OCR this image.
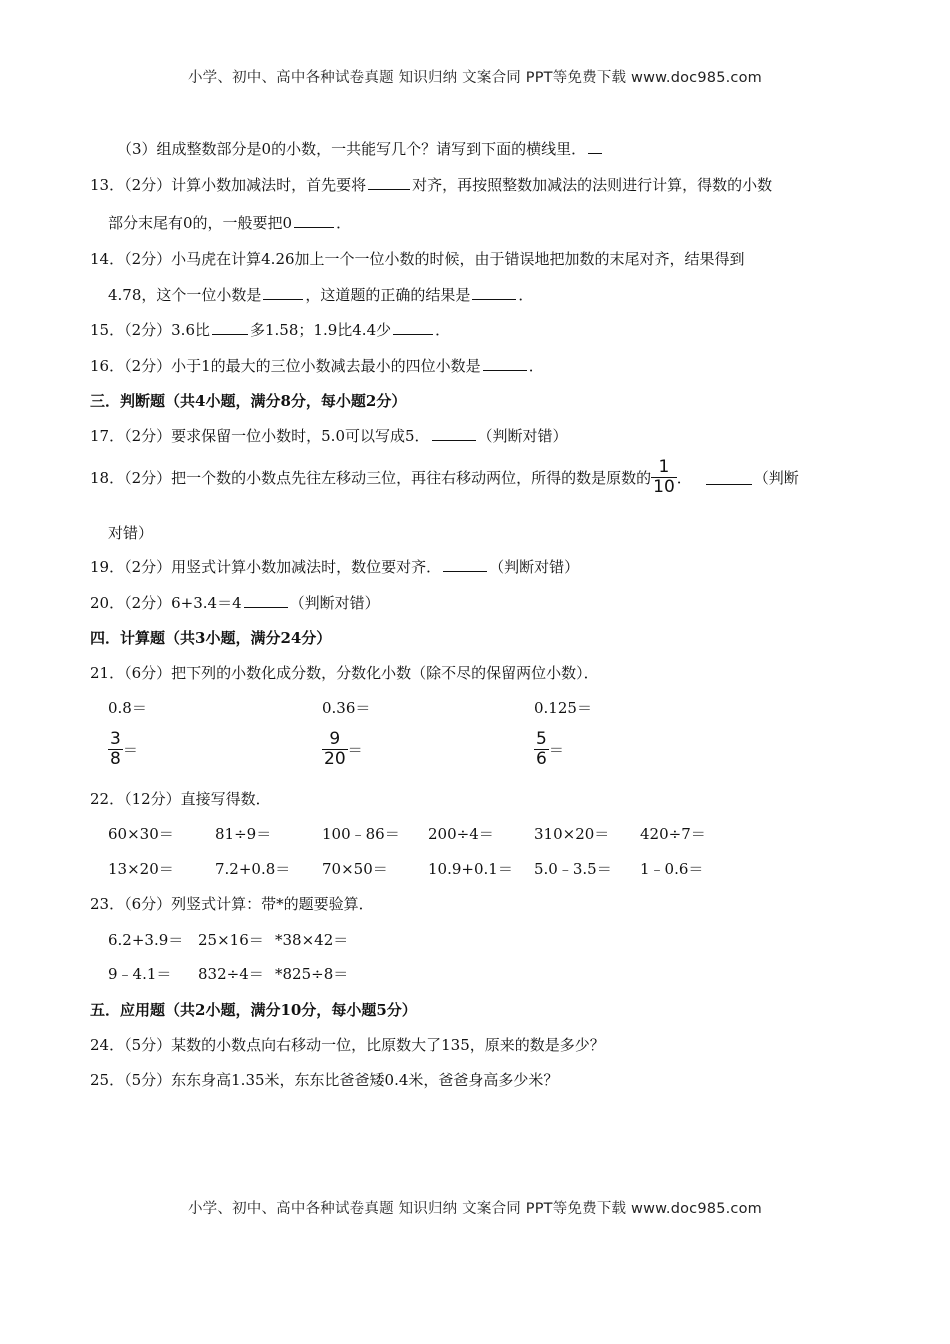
小学、初中、高中各种试卷真题 知识归纳 文案合同 PPT等免费下载 www.doc985.com
（3）组成整数部分是0的小数，一共能写几个？请写到下面的横线里．
13．（2分）计算小数加减法时，首先要将	对齐，再按照整数加减法的法则进行计算，得数的小数
部分末尾有0的，一般要把0	．
14．（2分）小马虎在计算4.26加上一个一位小数的时候，由于错误地把加数的末尾对齐，结果得到
4.78，这个一位小数是	，这道题的正确的结果是	．
15．（2分）3.6比	多1.58；1.9比4.4少	．
16．（2分）小于1的最大的三位小数减去最小的四位小数是	．
三．判断题（共4小题，满分8分，每小题2分）
17．（2分）要求保留一位小数时，5.0可以写成5．	（判断对错）
18．（2分）把一个数的小数点先往左移动三位，再往右移动两位，所得的数是原数的 $\frac{1}{10}$ ．	（判断
对错）
19．（2分）用竖式计算小数加减法时，数位要对齐．	（判断对错）
20．（2分）6+3.4＝4	（判断对错）
四．计算题（共3小题，满分24分）
21．（6分）把下列的小数化成分数，分数化小数（除不尽的保留两位小数）．
0.8＝	0.36＝	0.125＝
$\frac{3}{8}$ ＝	$\frac{9}{20}$ ＝	$\frac{5}{6}$ ＝
22．（12分）直接写得数．
60×30＝	81÷9＝	100﹣86＝ 200÷4＝	310×20＝ 420÷7＝
13×20＝	7.2+0.8＝ 70×50＝	10.9+0.1＝ 5.0﹣3.5＝ 1﹣0.6＝
23．（6分）列竖式计算：带*的题要验算．
6.2+3.9＝ 25×16＝ *38×42＝
9﹣4.1＝ 832÷4＝ *825÷8＝
五．应用题（共2小题，满分10分，每小题5分）
24．（5分）某数的小数点向右移动一位，比原数大了135，原来的数是多少？
25．（5分）东东身高1.35米，东东比爸爸矮0.4米，爸爸身高多少米？
小学、初中、高中各种试卷真题 知识归纳 文案合同 PPT等免费下载 www.doc985.com
